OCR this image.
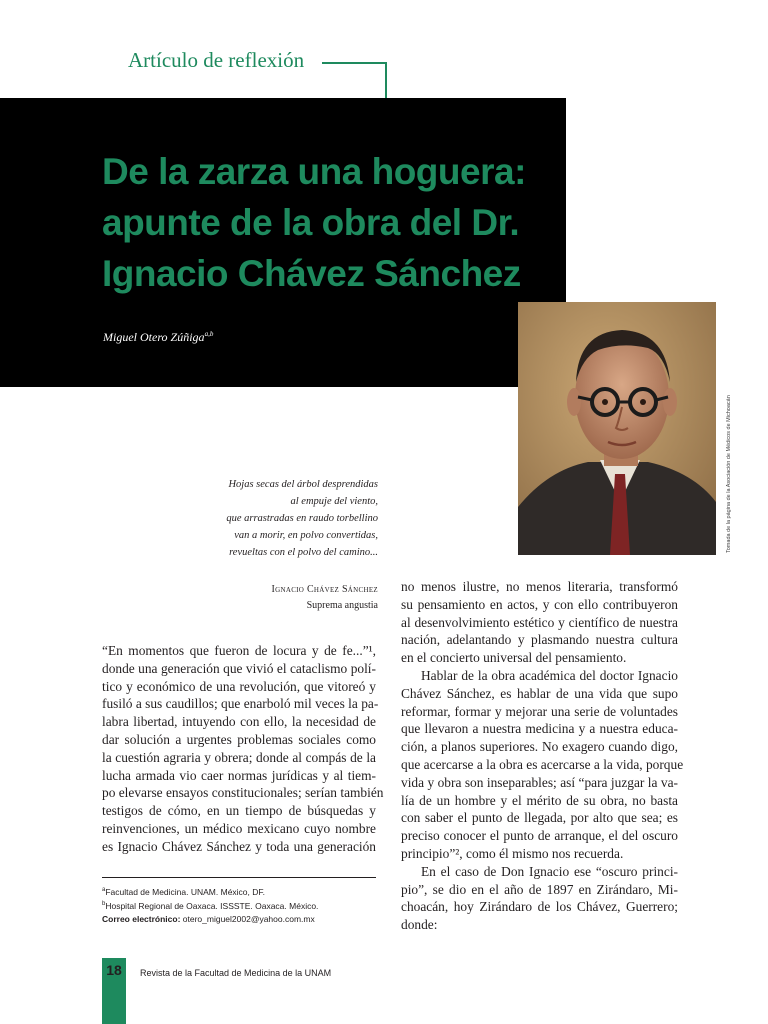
Artículo de reflexión
De la zarza una hoguera: apunte de la obra del Dr. Ignacio Chávez Sánchez
Miguel Otero Zúñiga$^{a,b}$
Tomada de la página de la Asociación de Médicos de Michoacán
Hojas secas del árbol desprendidas
al empuje del viento,
que arrastradas en raudo torbellino
van a morir, en polvo convertidas,
revueltas con el polvo del camino...
Ignacio Chávez Sánchez
Suprema angustia
“En momentos que fueron de locura y de fe...”¹,
donde una generación que vivió el cataclismo polí-
tico y económico de una revolución, que vitoreó y
fusiló a sus caudillos; que enarboló mil veces la pa-
labra libertad, intuyendo con ello, la necesidad de
dar solución a urgentes problemas sociales como
la cuestión agraria y obrera; donde al compás de la
lucha armada vio caer normas jurídicas y al tiem-
po elevarse ensayos constitucionales; serían también
testigos de cómo, en un tiempo de búsquedas y
reinvenciones, un médico mexicano cuyo nombre
es Ignacio Chávez Sánchez y toda una generación
no menos ilustre, no menos literaria, transformó
su pensamiento en actos, y con ello contribuyeron
al desenvolvimiento estético y científico de nuestra
nación, adelantando y plasmando nuestra cultura
en el concierto universal del pensamiento.
Hablar de la obra académica del doctor Ignacio
Chávez Sánchez, es hablar de una vida que supo
reformar, formar y mejorar una serie de voluntades
que llevaron a nuestra medicina y a nuestra educa-
ción, a planos superiores. No exagero cuando digo,
que acercarse a la obra es acercarse a la vida, porque
vida y obra son inseparables; así “para juzgar la va-
lía de un hombre y el mérito de su obra, no basta
con saber el punto de llegada, por alto que sea; es
preciso conocer el punto de arranque, el del oscuro
principio”², como él mismo nos recuerda.
En el caso de Don Ignacio ese “oscuro princi-
pio”, se dio en el año de 1897 en Zirándaro, Mi-
choacán, hoy Zirándaro de los Chávez, Guerrero;
donde:
$^a$Facultad de Medicina. UNAM. México, DF.
$^b$Hospital Regional de Oaxaca. ISSSTE. Oaxaca. México.
Correo electrónico: otero_miguel2002@yahoo.com.mx
18	Revista de la Facultad de Medicina de la UNAM
